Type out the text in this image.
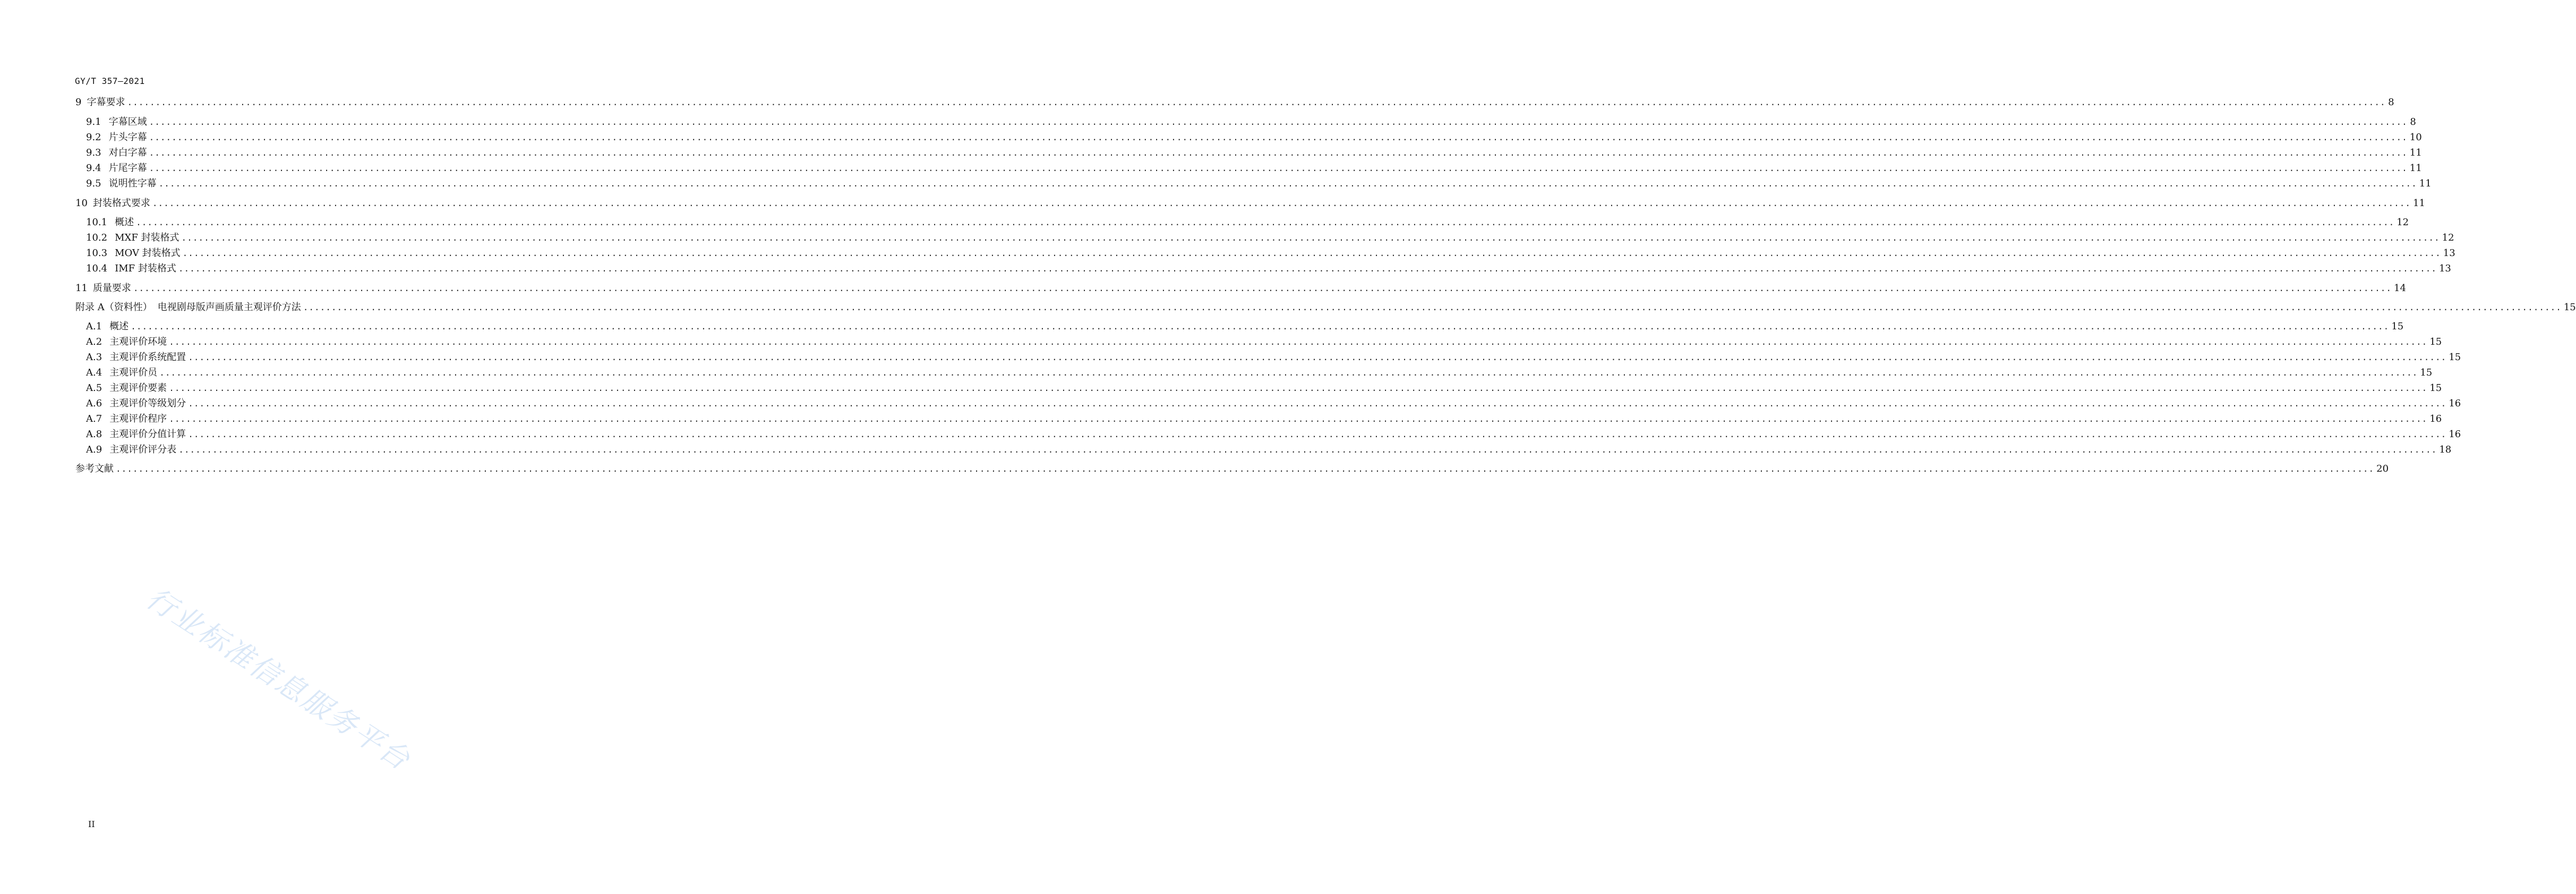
GY/T 357—2021
9 字幕要求 ................................................................................................................................................................................................................................................................................................................................................................................................................ 8
9.1 字幕区域 ................................................................................................................................................................................................................................................................................................................................................................................................................ 8
9.2 片头字幕 ................................................................................................................................................................................................................................................................................................................................................................................................................ 10
9.3 对白字幕 ................................................................................................................................................................................................................................................................................................................................................................................................................ 11
9.4 片尾字幕 ................................................................................................................................................................................................................................................................................................................................................................................................................ 11
9.5 说明性字幕 ................................................................................................................................................................................................................................................................................................................................................................................................................ 11
10 封装格式要求 ................................................................................................................................................................................................................................................................................................................................................................................................................ 11
10.1 概述 ................................................................................................................................................................................................................................................................................................................................................................................................................ 12
10.2 MXF 封装格式 ................................................................................................................................................................................................................................................................................................................................................................................................................ 12
10.3 MOV 封装格式 ................................................................................................................................................................................................................................................................................................................................................................................................................ 13
10.4 IMF 封装格式 ................................................................................................................................................................................................................................................................................................................................................................................................................ 13
11 质量要求 ................................................................................................................................................................................................................................................................................................................................................................................................................ 14
附录 A（资料性） 电视剧母版声画质量主观评价方法 ................................................................................................................................................................................................................................................................................................................................................................................................................ 15
A.1 概述 ................................................................................................................................................................................................................................................................................................................................................................................................................ 15
A.2 主观评价环境 ................................................................................................................................................................................................................................................................................................................................................................................................................ 15
A.3 主观评价系统配置 ................................................................................................................................................................................................................................................................................................................................................................................................................ 15
A.4 主观评价员 ................................................................................................................................................................................................................................................................................................................................................................................................................ 15
A.5 主观评价要素 ................................................................................................................................................................................................................................................................................................................................................................................................................ 15
A.6 主观评价等级划分 ................................................................................................................................................................................................................................................................................................................................................................................................................ 16
A.7 主观评价程序 ................................................................................................................................................................................................................................................................................................................................................................................................................ 16
A.8 主观评价分值计算 ................................................................................................................................................................................................................................................................................................................................................................................................................ 16
A.9 主观评价评分表 ................................................................................................................................................................................................................................................................................................................................................................................................................ 18
参考文献 ................................................................................................................................................................................................................................................................................................................................................................................................................ 20
行业标准信息服务平台
II
